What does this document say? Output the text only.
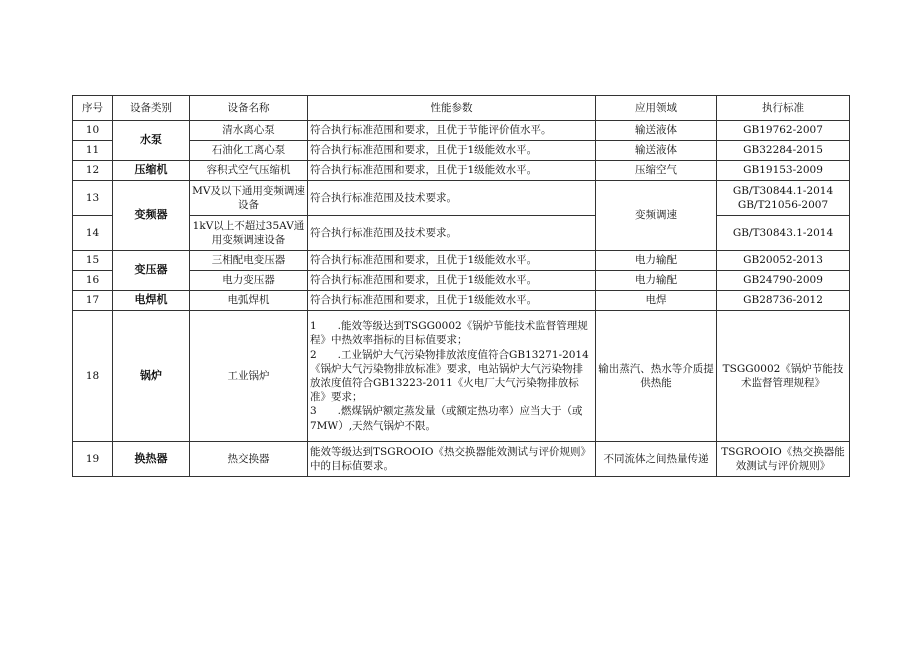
序号	设备类别	设备名称	性能参数	应用领域	执行标准
10	水泵	清水离心泵	符合执行标准范围和要求，且优于节能评价值水平。	输送液体	GB19762-2007
11		石油化工离心泵	符合执行标准范围和要求，且优于1级能效水平。	输送液体	GB32284-2015
12	压缩机	容积式空气压缩机	符合执行标准范围和要求，且优于1级能效水平。	压缩空气	GB19153-2009
13	变频器	MV及以下通用变频调速设备	符合执行标准范围及技术要求。	变频调速	GB/T30844.1-2014
GB/T21056-2007

14		1kV以上不超过35AV通用变频调速设备	符合执行标准范围及技术要求。		GB/T30843.1-2014
15	变压器	三相配电变压器	符合执行标准范围和要求，且优于1级能效水平。	电力输配	GB20052-2013
16		电力变压器	符合执行标准范围和要求，且优于1级能效水平。	电力输配	GB24790-2009
17	电焊机	电弧焊机	符合执行标准范围和要求，且优于1级能效水平。	电焊	GB28736-2012
18	锅炉	工业锅炉	1　　.能效等级达到TSGG0002《锅炉节能技术监督管理规程》中热效率指标的目标值要求；
2　　.工业锅炉大气污染物排放浓度值符合GB13271-2014《锅炉大气污染物排放标准》要求，电站锅炉大气污染物排放浓度值符合GB13223-2011《火电厂大气污染物排放标准》要求；
3　　.燃煤锅炉额定蒸发量（或额定热功率）应当大于（或7MW）,天然气锅炉不限。	输出蒸汽、热水等介质提供热能	TSGG0002《锅炉节能技术监督管理规程》
19	换热器	热交换器	能效等级达到TSGROOIO《热交换器能效测试与评价规则》中的目标值要求。	不同流体之间热量传递	TSGROOIO《热交换器能效测试与评价规则》
